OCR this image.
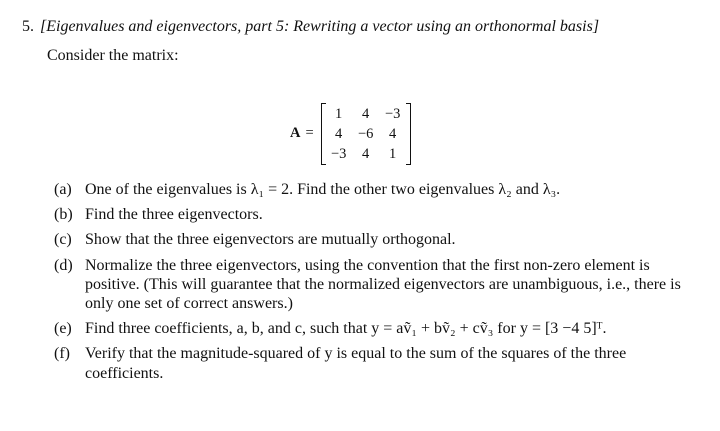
5. [Eigenvalues and eigenvectors, part 5: Rewriting a vector using an orthonormal basis]
Consider the matrix:
A =
1	4	−3
4	−6	4
−3	4	1
(a) One of the eigenvalues is λ₁ = 2. Find the other two eigenvalues λ₂ and λ₃.
(b) Find the three eigenvectors.
(c) Show that the three eigenvectors are mutually orthogonal.
(d) Normalize the three eigenvectors, using the convention that the first non-zero element is positive. (This will guarantee that the normalized eigenvectors are unambiguous, i.e., there is only one set of correct answers.)
(e) Find three coefficients, a, b, and c, such that y = aṽ₁ + bṽ₂ + cṽ₃ for y = [3 −4 5]ᵀ.
(f) Verify that the magnitude-squared of y is equal to the sum of the squares of the three coefficients.
